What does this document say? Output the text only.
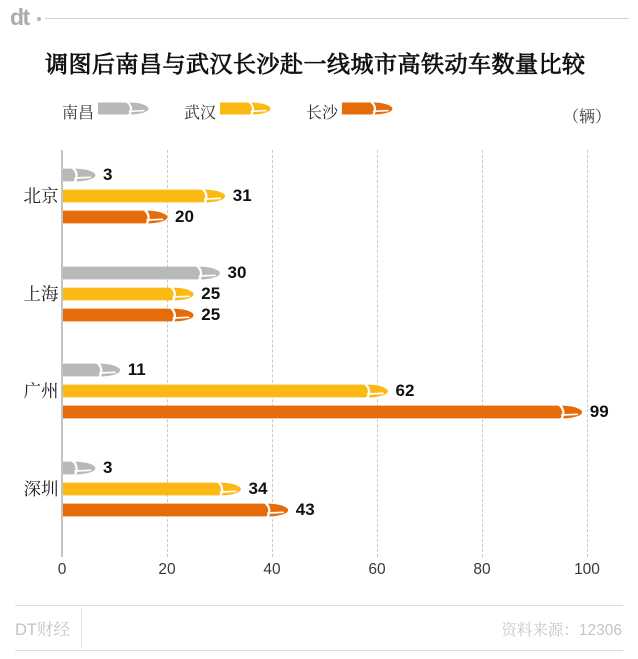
dt
调图后南昌与武汉长沙赴一线城市高铁动车数量比较
南昌	武汉	长沙	（辆）
0	20	40	60	80	100
北京
3
31
20
上海
30
25
25
广州
11
62
99
深圳
3
34
43
DT财经	资料来源：12306
